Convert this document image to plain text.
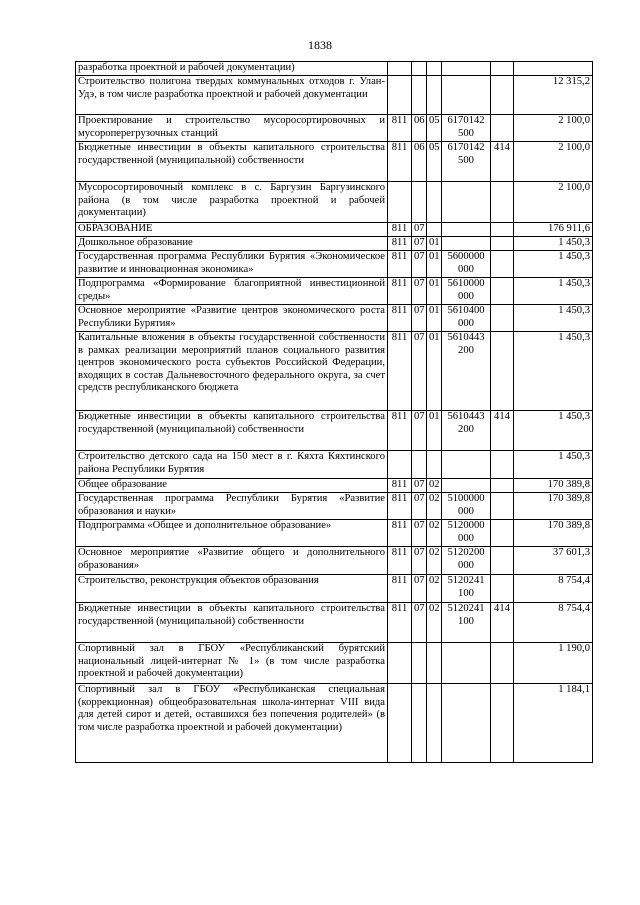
1838
разработка проектной и рабочей документации)						
Строительство полигона твердых коммунальных отходов г. Улан-Удэ, в том числе разработка проектной и рабочей документации						12 315,2
Проектирование и строительство мусоросортировочных и мусороперегрузочных станций	811	06	05	6170142 500		2 100,0
Бюджетные инвестиции в объекты капитального строительства государственной (муниципальной) собственности	811	06	05	6170142 500	414	2 100,0
Мусоросортировочный комплекс в с. Баргузин Баргузинского района (в том числе разработка проектной и рабочей документации)						2 100,0
ОБРАЗОВАНИЕ	811	07				176 911,6
Дошкольное образование	811	07	01			1 450,3
Государственная программа Республики Бурятия «Экономическое развитие и инновационная экономика»	811	07	01	5600000 000		1 450,3
Подпрограмма «Формирование благоприятной инвестиционной среды»	811	07	01	5610000 000		1 450,3
Основное мероприятие «Развитие центров экономического роста Республики Бурятия»	811	07	01	5610400 000		1 450,3
Капитальные вложения в объекты государственной собственности в рамках реализации мероприятий планов социального развития центров экономического роста субъектов Российской Федерации, входящих в состав Дальневосточного федерального округа, за счет средств республиканского бюджета	811	07	01	5610443 200		1 450,3
Бюджетные инвестиции в объекты капитального строительства государственной (муниципальной) собственности	811	07	01	5610443 200	414	1 450,3
Строительство детского сада на 150 мест в г. Кяхта Кяхтинского района Республики Бурятия						1 450,3
Общее образование	811	07	02			170 389,8
Государственная программа Республики Бурятия «Развитие образования и науки»	811	07	02	5100000 000		170 389,8
Подпрограмма «Общее и дополнительное образование»	811	07	02	5120000 000		170 389,8
Основное мероприятие «Развитие общего и дополнительного образования»	811	07	02	5120200 000		37 601,3
Строительство, реконструкция объектов образования	811	07	02	5120241 100		8 754,4
Бюджетные инвестиции в объекты капитального строительства государственной (муниципальной) собственности	811	07	02	5120241 100	414	8 754,4
Спортивный зал в ГБОУ «Республиканский бурятский национальный лицей-интернат № 1» (в том числе разработка проектной и рабочей документации)						1 190,0
Спортивный зал в ГБОУ «Республиканская специальная (коррекционная) общеобразовательная школа-интернат VIII вида для детей сирот и детей, оставшихся без попечения родителей» (в том числе разработка проектной и рабочей документации)						1 184,1
